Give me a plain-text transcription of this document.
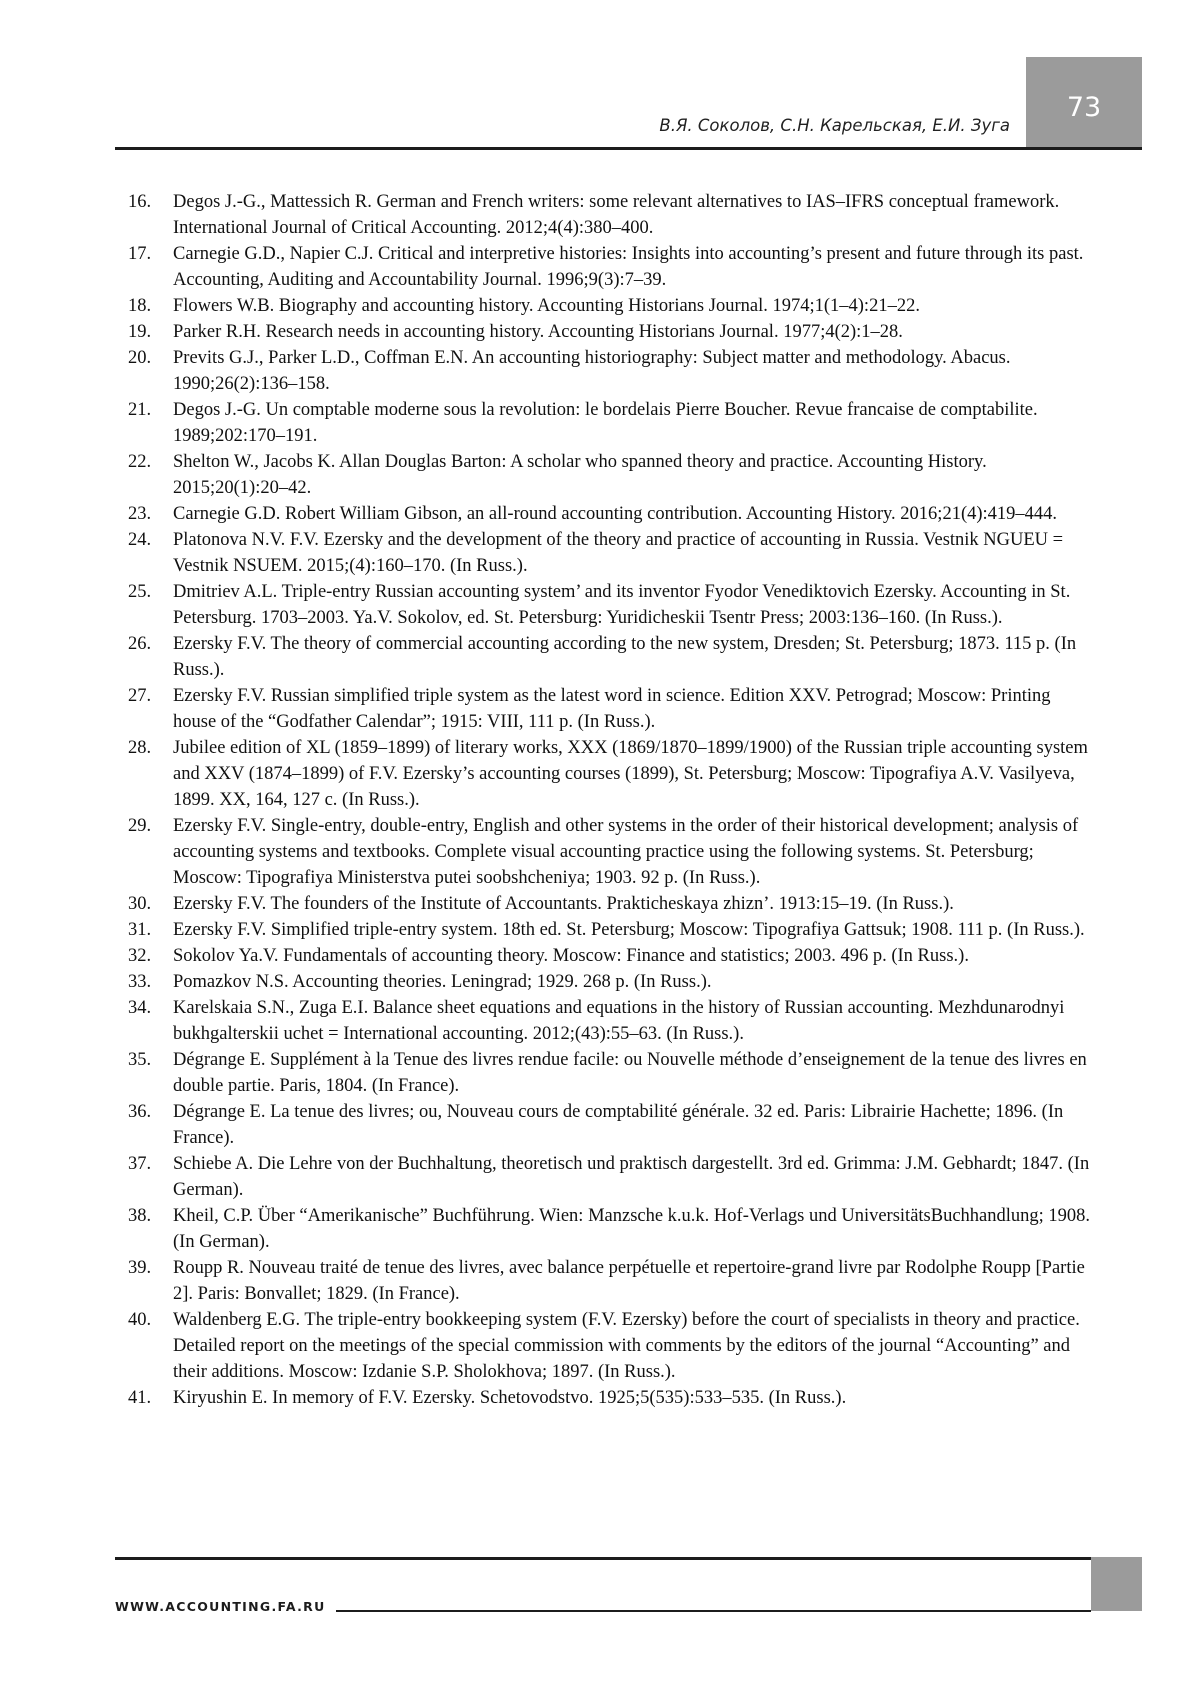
73
В.Я. Соколов, С.Н. Карельская, Е.И. Зуга
16. Degos J.-G., Mattessich R. German and French writers: some relevant alternatives to IAS–IFRS conceptual framework. International Journal of Critical Accounting. 2012;4(4):380–400.
17. Carnegie G.D., Napier C.J. Critical and interpretive histories: Insights into accounting’s present and future through its past. Accounting, Auditing and Accountability Journal. 1996;9(3):7–39.
18. Flowers W.B. Biography and accounting history. Accounting Historians Journal. 1974;1(1–4):21–22.
19. Parker R.H. Research needs in accounting history. Accounting Historians Journal. 1977;4(2):1–28.
20. Previts G.J., Parker L.D., Coffman E.N. An accounting historiography: Subject matter and methodology. Abacus. 1990;26(2):136–158.
21. Degos J.-G. Un comptable moderne sous la revolution: le bordelais Pierre Boucher. Revue francaise de comptabilite. 1989;202:170–191.
22. Shelton W., Jacobs K. Allan Douglas Barton: A scholar who spanned theory and practice. Accounting History. 2015;20(1):20–42.
23. Carnegie G.D. Robert William Gibson, an all-round accounting contribution. Accounting History. 2016;21(4):419–444.
24. Platonova N.V. F.V. Ezersky and the development of the theory and practice of accounting in Russia. Vestnik NGUEU = Vestnik NSUEM. 2015;(4):160–170. (In Russ.).
25. Dmitriev A.L. Triple-entry Russian accounting system’ and its inventor Fyodor Venediktovich Ezersky. Accounting in St. Petersburg. 1703–2003. Ya.V. Sokolov, ed. St. Petersburg: Yuridicheskii Tsentr Press; 2003:136–160. (In Russ.).
26. Ezersky F.V. The theory of commercial accounting according to the new system, Dresden; St. Petersburg; 1873. 115 p. (In Russ.).
27. Ezersky F.V. Russian simplified triple system as the latest word in science. Edition XXV. Petrograd; Moscow: Printing house of the “Godfather Calendar”; 1915: VIII, 111 p. (In Russ.).
28. Jubilee edition of XL (1859–1899) of literary works, XXX (1869/1870–1899/1900) of the Russian triple accounting system and XXV (1874–1899) of F.V. Ezersky’s accounting courses (1899), St. Petersburg; Moscow: Tipografiya A.V. Vasilyeva, 1899. XX, 164, 127 с. (In Russ.).
29. Ezersky F.V. Single-entry, double-entry, English and other systems in the order of their historical development; analysis of accounting systems and textbooks. Complete visual accounting practice using the following systems. St. Petersburg; Moscow: Tipografiya Ministerstva putei soobshcheniya; 1903. 92 p. (In Russ.).
30. Ezersky F.V. The founders of the Institute of Accountants. Prakticheskaya zhizn’. 1913:15–19. (In Russ.).
31. Ezersky F.V. Simplified triple-entry system. 18th ed. St. Petersburg; Moscow: Tipografiya Gattsuk; 1908. 111 p. (In Russ.).
32. Sokolov Ya.V. Fundamentals of accounting theory. Moscow: Finance and statistics; 2003. 496 p. (In Russ.).
33. Pomazkov N.S. Accounting theories. Leningrad; 1929. 268 p. (In Russ.).
34. Karelskaia S.N., Zuga E.I. Balance sheet equations and equations in the history of Russian accounting. Mezhdunarodnyi bukhgalterskii uchet = International accounting. 2012;(43):55–63. (In Russ.).
35. Dégrange E. Supplément à la Tenue des livres rendue facile: ou Nouvelle méthode d’enseignement de la tenue des livres en double partie. Paris, 1804. (In France).
36. Dégrange E. La tenue des livres; ou, Nouveau cours de comptabilité générale. 32 ed. Paris: Librairie Hachette; 1896. (In France).
37. Schiebe A. Die Lehre von der Buchhaltung, theoretisch und praktisch dargestellt. 3rd ed. Grimma: J.M. Gebhardt; 1847. (In German).
38. Kheil, C.P. Über “Amerikanische” Buchführung. Wien: Manzsche k.u.k. Hof-Verlags und UniversitätsBuchhandlung; 1908. (In German).
39. Roupp R. Nouveau traité de tenue des livres, avec balance perpétuelle et repertoire-grand livre par Rodolphe Roupp [Partie 2]. Paris: Bonvallet; 1829. (In France).
40. Waldenberg E.G. The triple-entry bookkeeping system (F.V. Ezersky) before the court of specialists in theory and practice. Detailed report on the meetings of the special commission with comments by the editors of the journal “Accounting” and their additions. Moscow: Izdanie S.P. Sholokhova; 1897. (In Russ.).
41. Kiryushin E. In memory of F.V. Ezersky. Schetovodstvo. 1925;5(535):533–535. (In Russ.).
WWW.ACCOUNTING.FA.RU
